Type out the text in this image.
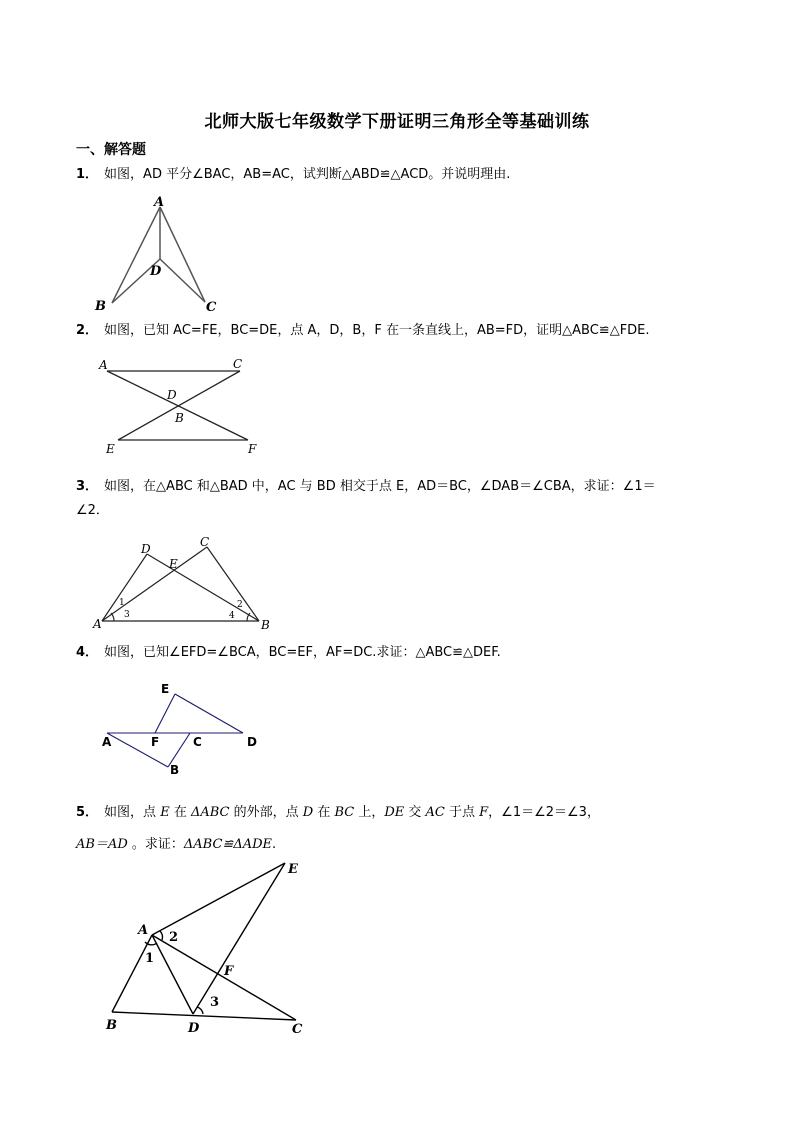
北师大版七年级数学下册证明三角形全等基础训练
一、解答题
1． 如图，AD 平分∠BAC，AB=AC，试判断△ABD≌△ACD。并说明理由.
A
D
B	C
2． 如图，已知 AC=FE，BC=DE，点 A，D，B，F 在一条直线上，AB=FD，证明△ABC≌△FDE.
A	C
D
B
E	F
3． 如图，在△ABC 和△BAD 中，AC 与 BD 相交于点 E，AD＝BC，∠DAB＝∠CBA，求证：∠1＝
∠2．
A	B
C
D
E
1
3
2
4
4． 如图，已知∠EFD=∠BCA，BC=EF，AF=DC.求证：△ABC≌△DEF.
E
A	F	C	D
B
5． 如图，点 E 在 ΔABC 的外部，点 D 在 BC 上，DE 交 AC 于点 F，∠1＝∠2＝∠3，
AB＝AD 。求证：ΔABC≌ΔADE.
A
E
F
B	D	C
2
1
3
